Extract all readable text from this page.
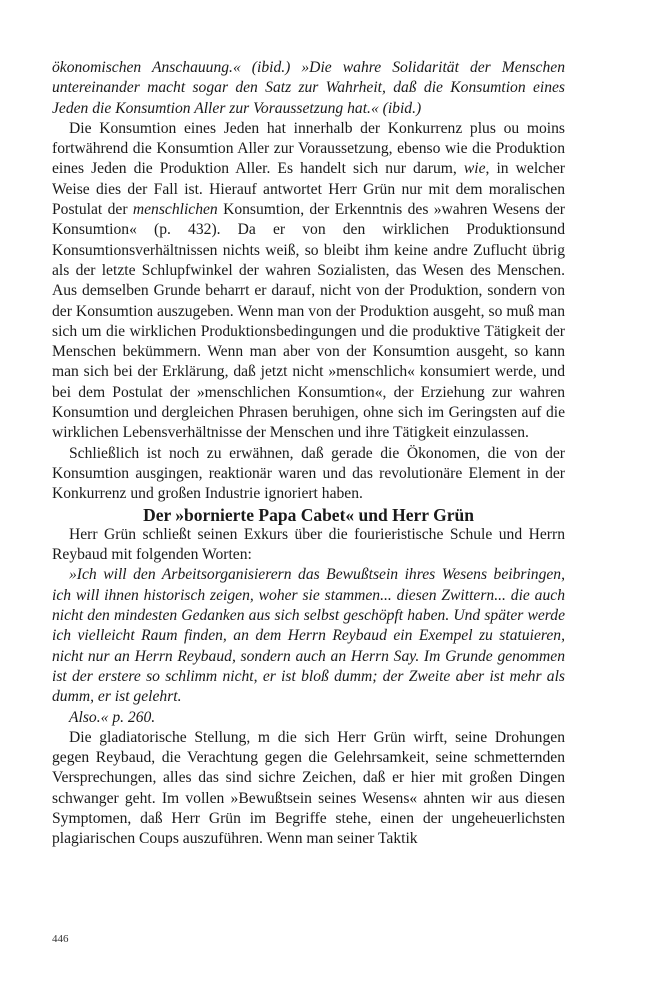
ökonomischen Anschauung.« (ibid.) »Die wahre Solidarität der Menschen untereinander macht sogar den Satz zur Wahrheit, daß die Konsumtion eines Jeden die Konsumtion Aller zur Voraussetzung hat.« (ibid.)

Die Konsumtion eines Jeden hat innerhalb der Konkurrenz plus ou moins fortwährend die Konsumtion Aller zur Voraussetzung, ebenso wie die Produktion eines Jeden die Produktion Aller. Es handelt sich nur darum, wie, in welcher Weise dies der Fall ist. Hierauf antwortet Herr Grün nur mit dem moralischen Postulat der menschlichen Konsumtion, der Erkenntnis des »wahren Wesens der Konsumtion« (p. 432). Da er von den wirklichen Produktionsund Konsumtionsverhältnissen nichts weiß, so bleibt ihm keine andre Zuflucht übrig als der letzte Schlupfwinkel der wahren Sozialisten, das Wesen des Menschen. Aus demselben Grunde beharrt er darauf, nicht von der Produktion, sondern von der Konsumtion auszugeben. Wenn man von der Produktion ausgeht, so muß man sich um die wirklichen Produktionsbedingungen und die produktive Tätigkeit der Menschen bekümmern. Wenn man aber von der Konsumtion ausgeht, so kann man sich bei der Erklärung, daß jetzt nicht »menschlich« konsumiert werde, und bei dem Postulat der »menschlichen Konsumtion«, der Erziehung zur wahren Konsumtion und dergleichen Phrasen beruhigen, ohne sich im Geringsten auf die wirklichen Lebensverhältnisse der Menschen und ihre Tätigkeit einzulassen.

Schließlich ist noch zu erwähnen, daß gerade die Ökonomen, die von der Konsumtion ausgingen, reaktionär waren und das revolutionäre Element in der Konkurrenz und großen Industrie ignoriert haben.

Der »bornierte Papa Cabet« und Herr Grün

Herr Grün schließt seinen Exkurs über die fourieristische Schule und Herrn Reybaud mit folgenden Worten:

»Ich will den Arbeitsorganisierern das Bewußtsein ihres Wesens beibringen, ich will ihnen historisch zeigen, woher sie stammen... diesen Zwittern... die auch nicht den mindesten Gedanken aus sich selbst geschöpft haben. Und später werde ich vielleicht Raum finden, an dem Herrn Reybaud ein Exempel zu statuieren, nicht nur an Herrn Reybaud, sondern auch an Herrn Say. Im Grunde genommen ist der erstere so schlimm nicht, er ist bloß dumm; der Zweite aber ist mehr als dumm, er ist gelehrt.

Also.« p. 260.

Die gladiatorische Stellung, m die sich Herr Grün wirft, seine Drohungen gegen Reybaud, die Verachtung gegen die Gelehrsamkeit, seine schmetternden Versprechungen, alles das sind sichre Zeichen, daß er hier mit großen Dingen schwanger geht. Im vollen »Bewußtsein seines Wesens« ahnten wir aus diesen Symptomen, daß Herr Grün im Begriffe stehe, einen der ungeheuerlichsten plagiarischen Coups auszuführen. Wenn man seiner Taktik

446
